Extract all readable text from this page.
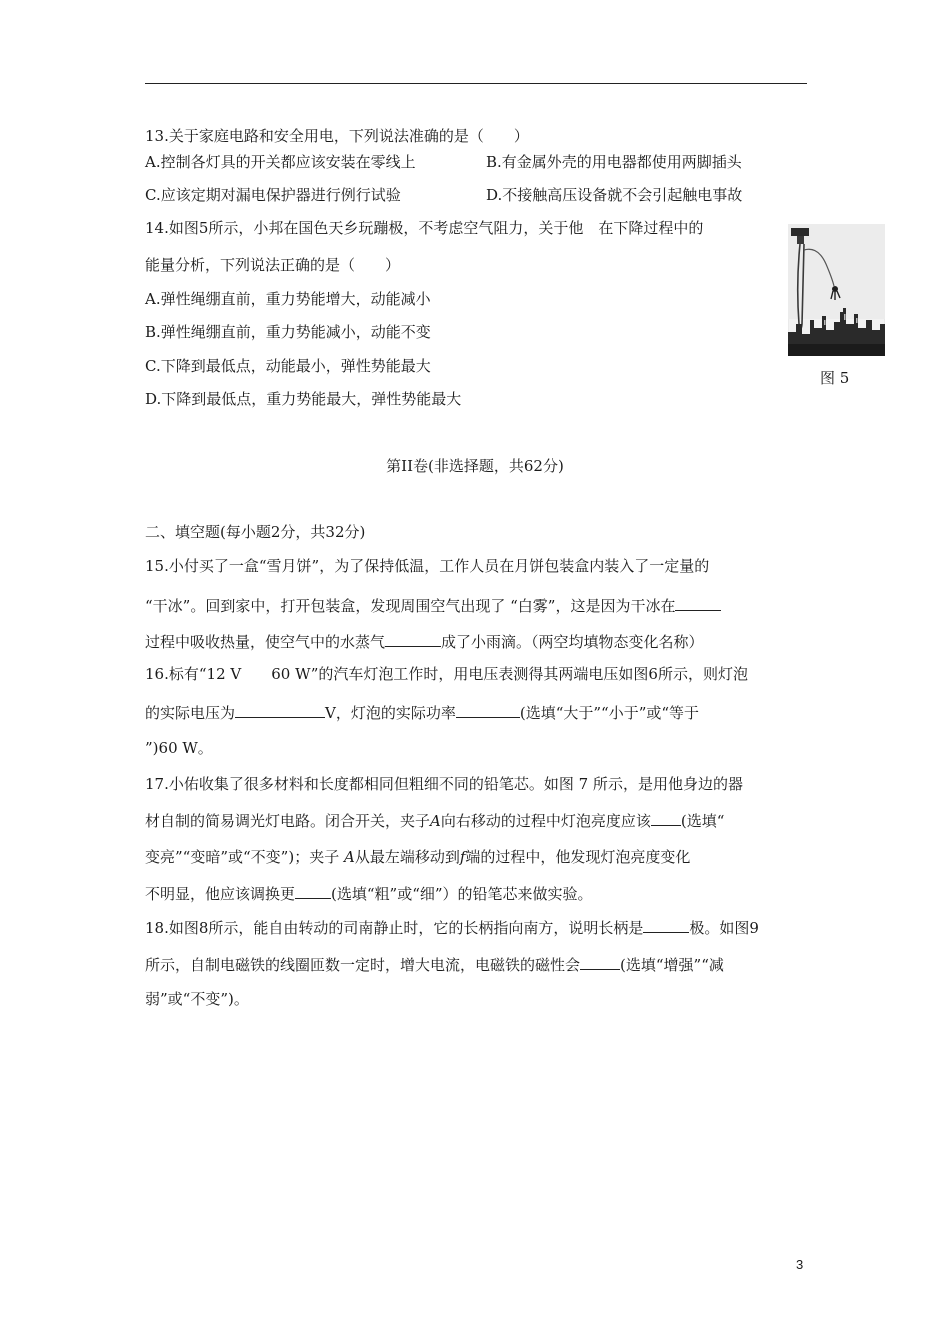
13.关于家庭电路和安全用电，下列说法准确的是（　　）
A.控制各灯具的开关都应该安装在零线上	B.有金属外壳的用电器都使用两脚插头
C.应该定期对漏电保护器进行例行试验	D.不接触高压设备就不会引起触电事故
14.如图5所示，小邦在国色天乡玩蹦极，不考虑空气阻力，关于他　在下降过程中的
能量分析，下列说法正确的是（　　）
A.弹性绳绷直前，重力势能增大，动能减小
B.弹性绳绷直前，重力势能减小，动能不变
C.下降到最低点，动能最小，弹性势能最大
D.下降到最低点，重力势能最大，弹性势能最大
图 5
第II卷(非选择题，共62分)
二、填空题(每小题2分，共32分)
15.小付买了一盒“雪月饼”，为了保持低温，工作人员在月饼包装盒内装入了一定量的
“干冰”。回到家中，打开包装盒，发现周围空气出现了 “白雾”，这是因为干冰在
过程中吸收热量，使空气中的水蒸气	成了小雨滴。（两空均填物态变化名称）
16.标有“12 V　　60 W”的汽车灯泡工作时，用电压表测得其两端电压如图6所示，则灯泡
的实际电压为	V，灯泡的实际功率	(选填“大于”“小于”或“等于
”)60 W。
17.小佑收集了很多材料和长度都相同但粗细不同的铅笔芯。如图 7 所示，是用他身边的器
材自制的简易调光灯电路。闭合开关，夹子A向右移动的过程中灯泡亮度应该 (选填“
变亮”“变暗”或“不变”)；夹子 A从最左端移动到f端的过程中，他发现灯泡亮度变化
不明显，他应该调换更 (选填“粗”或“细”）的铅笔芯来做实验。
18.如图8所示，能自由转动的司南静止时，它的长柄指向南方，说明长柄是	极。如图9
所示，自制电磁铁的线圈匝数一定时，增大电流，电磁铁的磁性会	(选填“增强”“减
弱”或“不变”)。
3
